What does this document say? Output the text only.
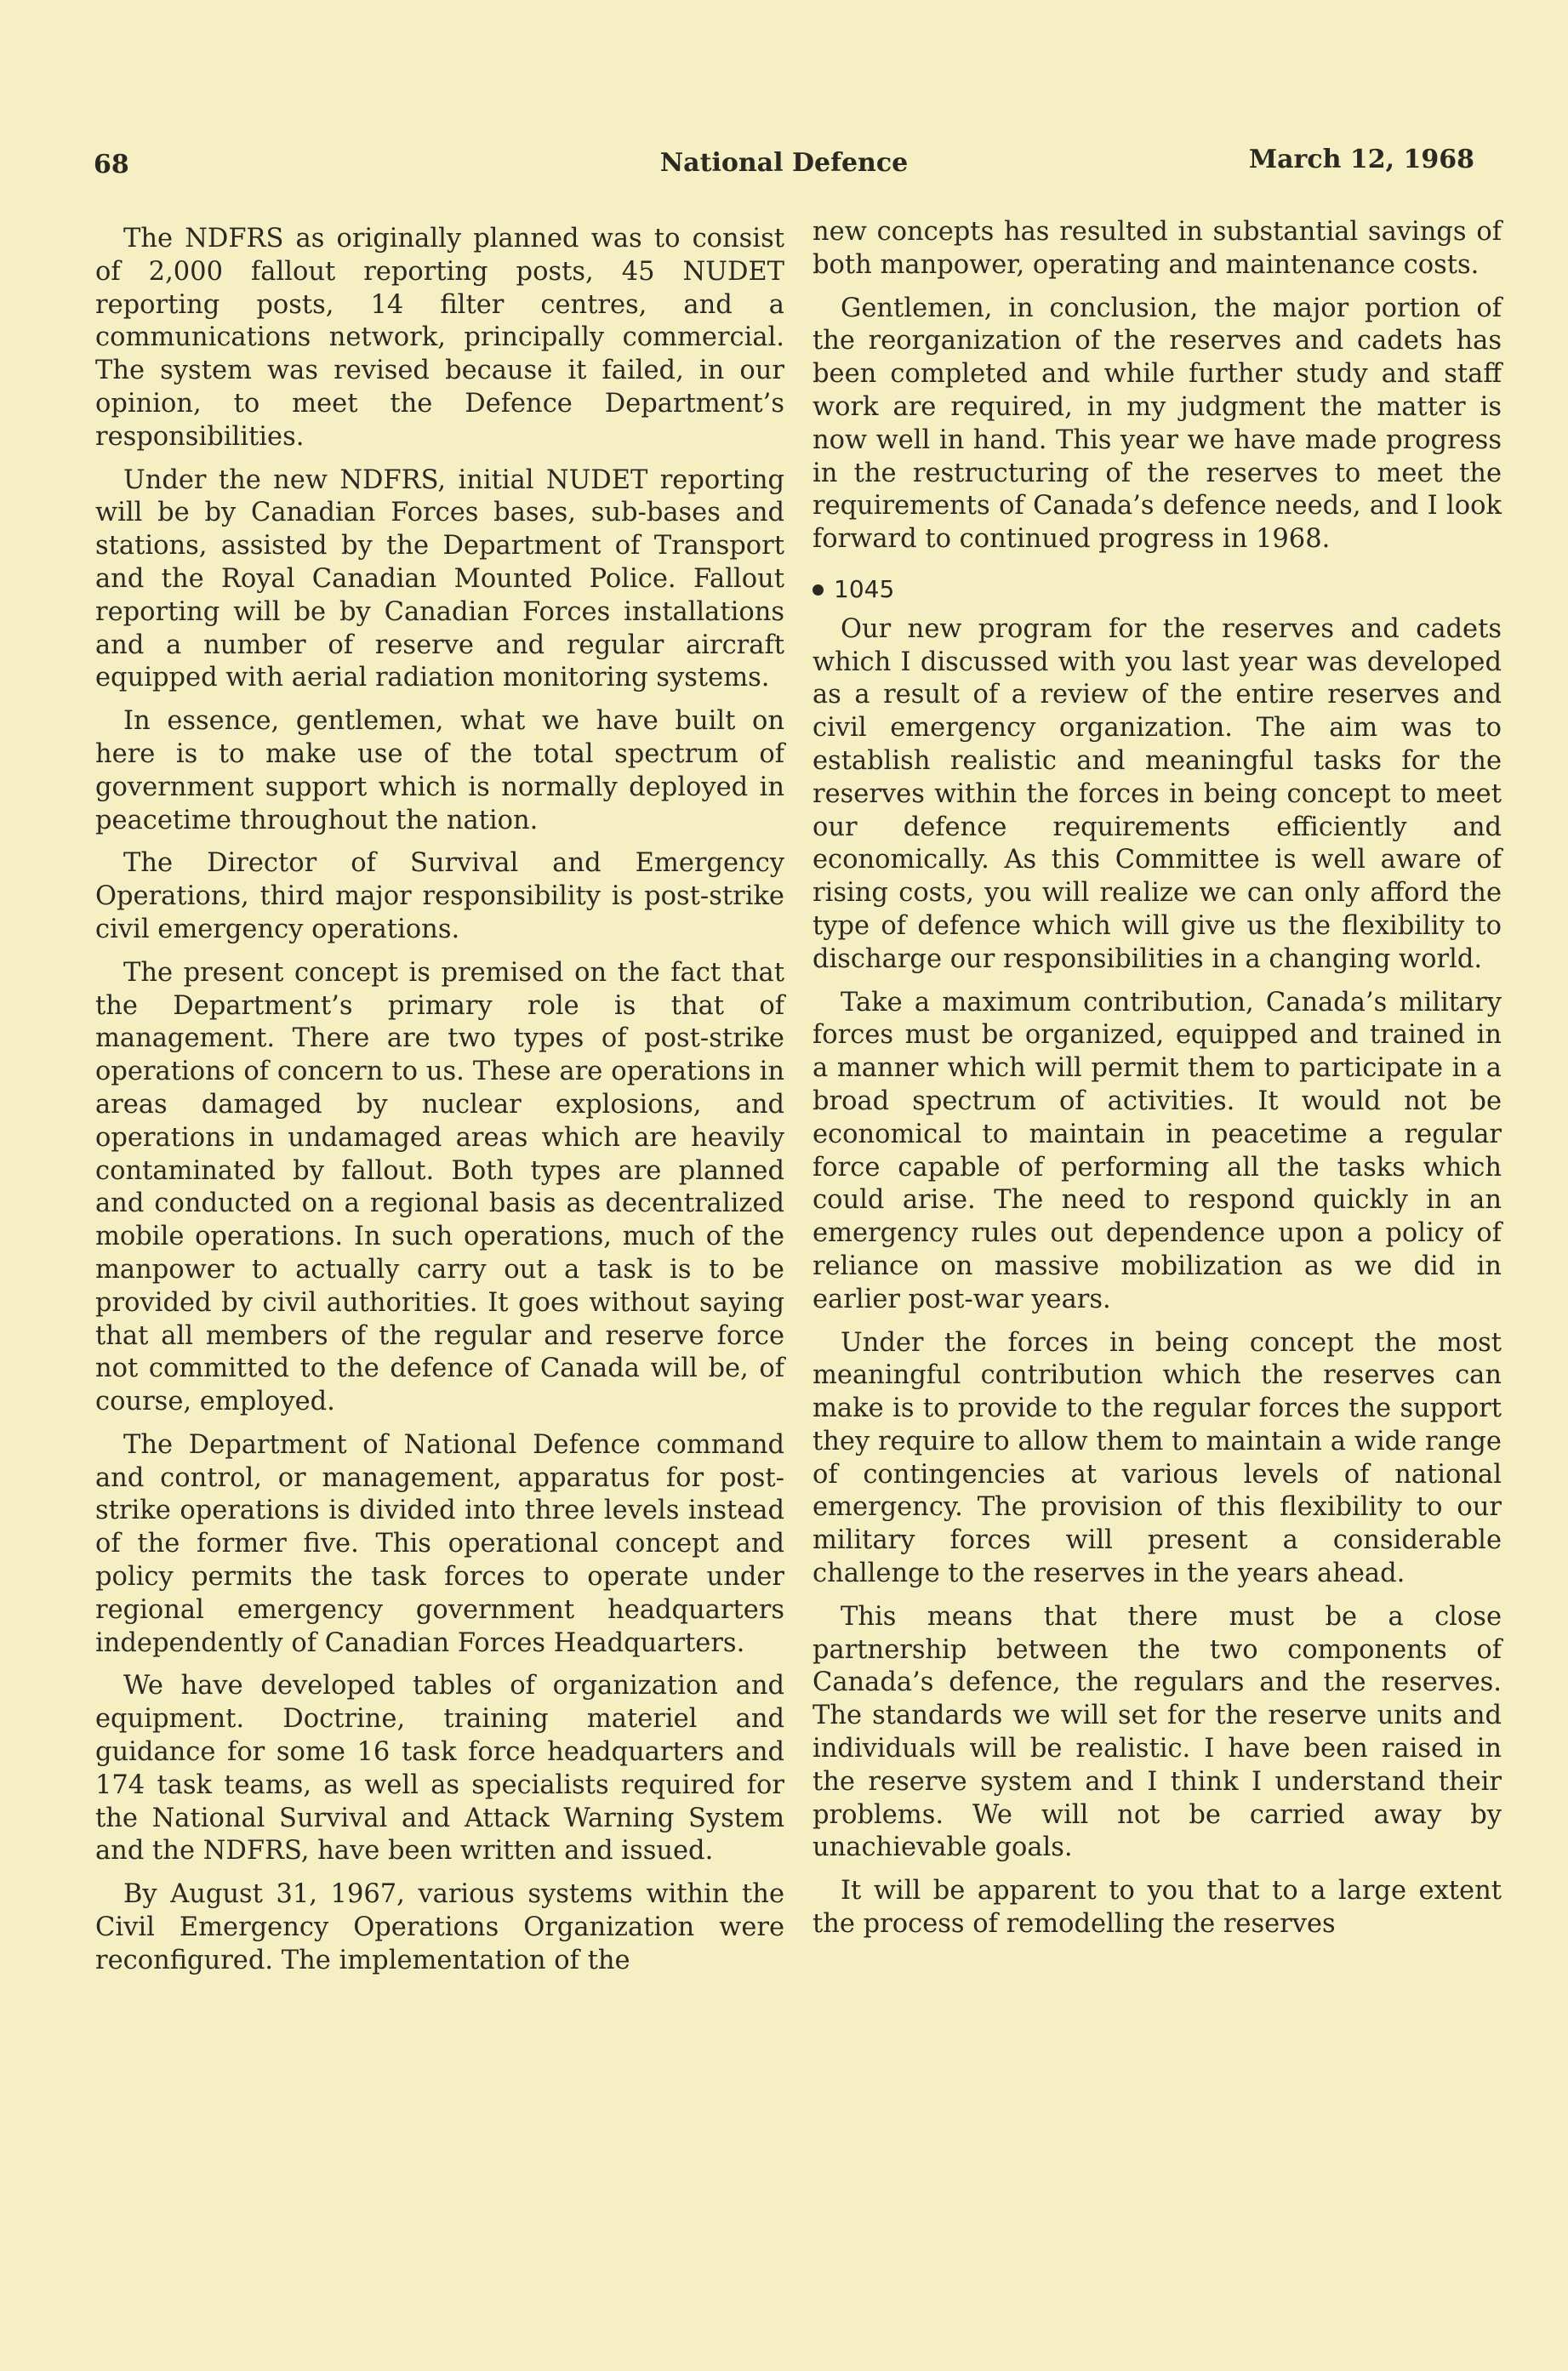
68	National Defence	March 12, 1968

The NDFRS as originally planned was to consist of 2,000 fallout reporting posts, 45 NUDET reporting posts, 14 filter centres, and a communications network, principally commercial. The system was revised because it failed, in our opinion, to meet the Defence Department’s responsibilities.

Under the new NDFRS, initial NUDET reporting will be by Canadian Forces bases, sub-bases and stations, assisted by the Department of Transport and the Royal Canadian Mounted Police. Fallout reporting will be by Canadian Forces installations and a number of reserve and regular aircraft equipped with aerial radiation monitoring systems.

In essence, gentlemen, what we have built on here is to make use of the total spectrum of government support which is normally deployed in peacetime throughout the nation.

The Director of Survival and Emergency Operations, third major responsibility is post-strike civil emergency operations.

The present concept is premised on the fact that the Department’s primary role is that of management. There are two types of post-strike operations of concern to us. These are operations in areas damaged by nuclear explosions, and operations in undamaged areas which are heavily contaminated by fallout. Both types are planned and conducted on a regional basis as decentralized mobile operations. In such operations, much of the manpower to actually carry out a task is to be provided by civil authorities. It goes without saying that all members of the regular and reserve force not committed to the defence of Canada will be, of course, employed.

The Department of National Defence command and control, or management, apparatus for post-strike operations is divided into three levels instead of the former five. This operational concept and policy permits the task forces to operate under regional emergency government headquarters independently of Canadian Forces Headquarters.

We have developed tables of organization and equipment. Doctrine, training materiel and guidance for some 16 task force headquarters and 174 task teams, as well as specialists required for the National Survival and Attack Warning System and the NDFRS, have been written and issued.

By August 31, 1967, various systems within the Civil Emergency Operations Organization were reconfigured. The implementation of the

new concepts has resulted in substantial savings of both manpower, operating and maintenance costs.

Gentlemen, in conclusion, the major portion of the reorganization of the reserves and cadets has been completed and while further study and staff work are required, in my judgment the matter is now well in hand. This year we have made progress in the restructuring of the reserves to meet the requirements of Canada’s defence needs, and I look forward to continued progress in 1968.

1045

Our new program for the reserves and cadets which I discussed with you last year was developed as a result of a review of the entire reserves and civil emergency organization. The aim was to establish realistic and meaningful tasks for the reserves within the forces in being concept to meet our defence requirements efficiently and economically. As this Committee is well aware of rising costs, you will realize we can only afford the type of defence which will give us the flexibility to discharge our responsibilities in a changing world.

Take a maximum contribution, Canada’s military forces must be organized, equipped and trained in a manner which will permit them to participate in a broad spectrum of activities. It would not be economical to maintain in peacetime a regular force capable of performing all the tasks which could arise. The need to respond quickly in an emergency rules out dependence upon a policy of reliance on massive mobilization as we did in earlier post-war years.

Under the forces in being concept the most meaningful contribution which the reserves can make is to provide to the regular forces the support they require to allow them to maintain a wide range of contingencies at various levels of national emergency. The provision of this flexibility to our military forces will present a considerable challenge to the reserves in the years ahead.

This means that there must be a close partnership between the two components of Canada’s defence, the regulars and the reserves. The standards we will set for the reserve units and individuals will be realistic. I have been raised in the reserve system and I think I understand their problems. We will not be carried away by unachievable goals.

It will be apparent to you that to a large extent the process of remodelling the reserves
